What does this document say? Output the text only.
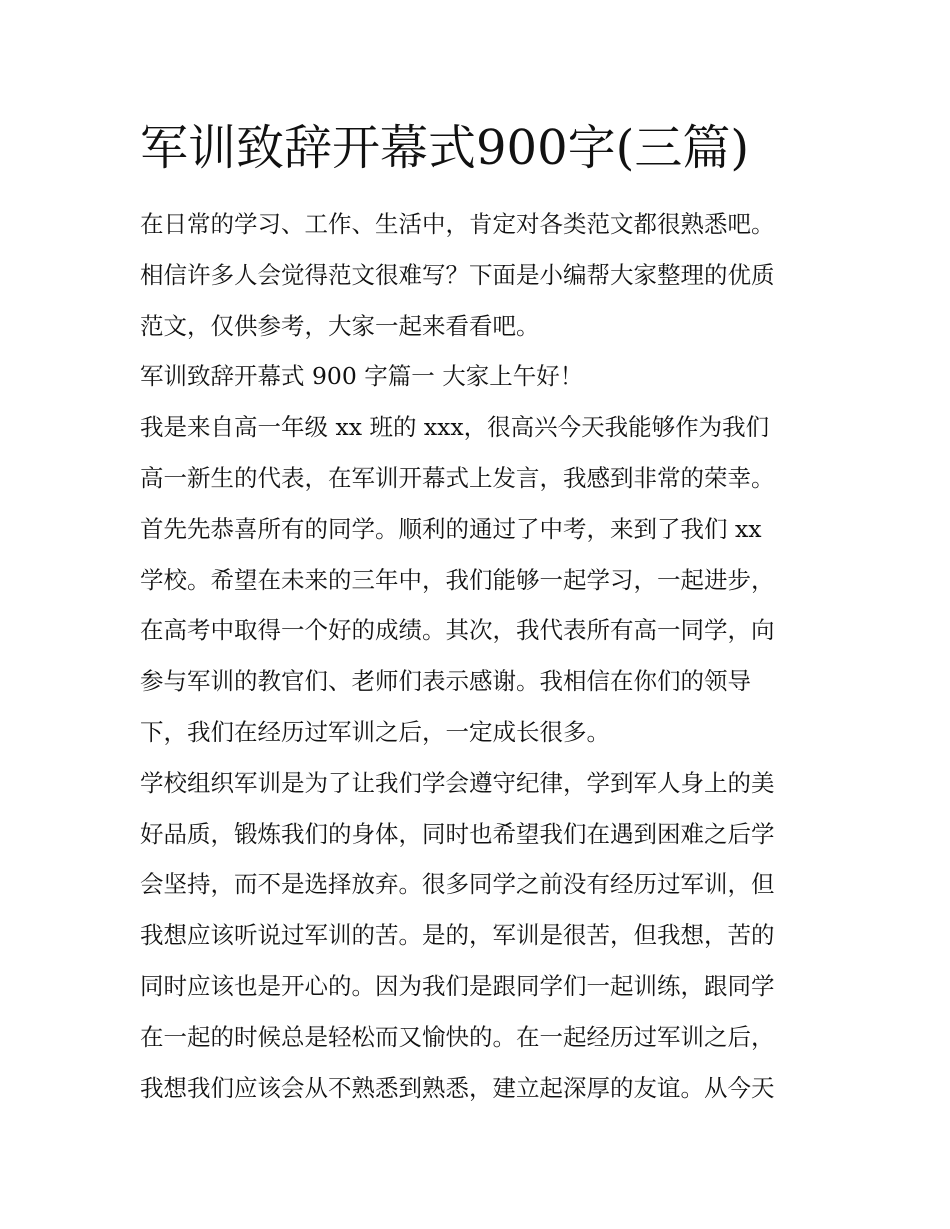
军训致辞开幕式900字(三篇)
在日常的学习、工作、生活中，肯定对各类范文都很熟悉吧。
相信许多人会觉得范文很难写？下面是小编帮大家整理的优质
范文，仅供参考，大家一起来看看吧。
军训致辞开幕式 900 字篇一 大家上午好！
我是来自高一年级 xx 班的 xxx，很高兴今天我能够作为我们
高一新生的代表，在军训开幕式上发言，我感到非常的荣幸。
首先先恭喜所有的同学。顺利的通过了中考，来到了我们 xx
学校。希望在未来的三年中，我们能够一起学习，一起进步，
在高考中取得一个好的成绩。其次，我代表所有高一同学，向
参与军训的教官们、老师们表示感谢。我相信在你们的领导
下，我们在经历过军训之后，一定成长很多。
学校组织军训是为了让我们学会遵守纪律，学到军人身上的美
好品质，锻炼我们的身体，同时也希望我们在遇到困难之后学
会坚持，而不是选择放弃。很多同学之前没有经历过军训，但
我想应该听说过军训的苦。是的，军训是很苦，但我想，苦的
同时应该也是开心的。因为我们是跟同学们一起训练，跟同学
在一起的时候总是轻松而又愉快的。在一起经历过军训之后，
我想我们应该会从不熟悉到熟悉，建立起深厚的友谊。从今天
